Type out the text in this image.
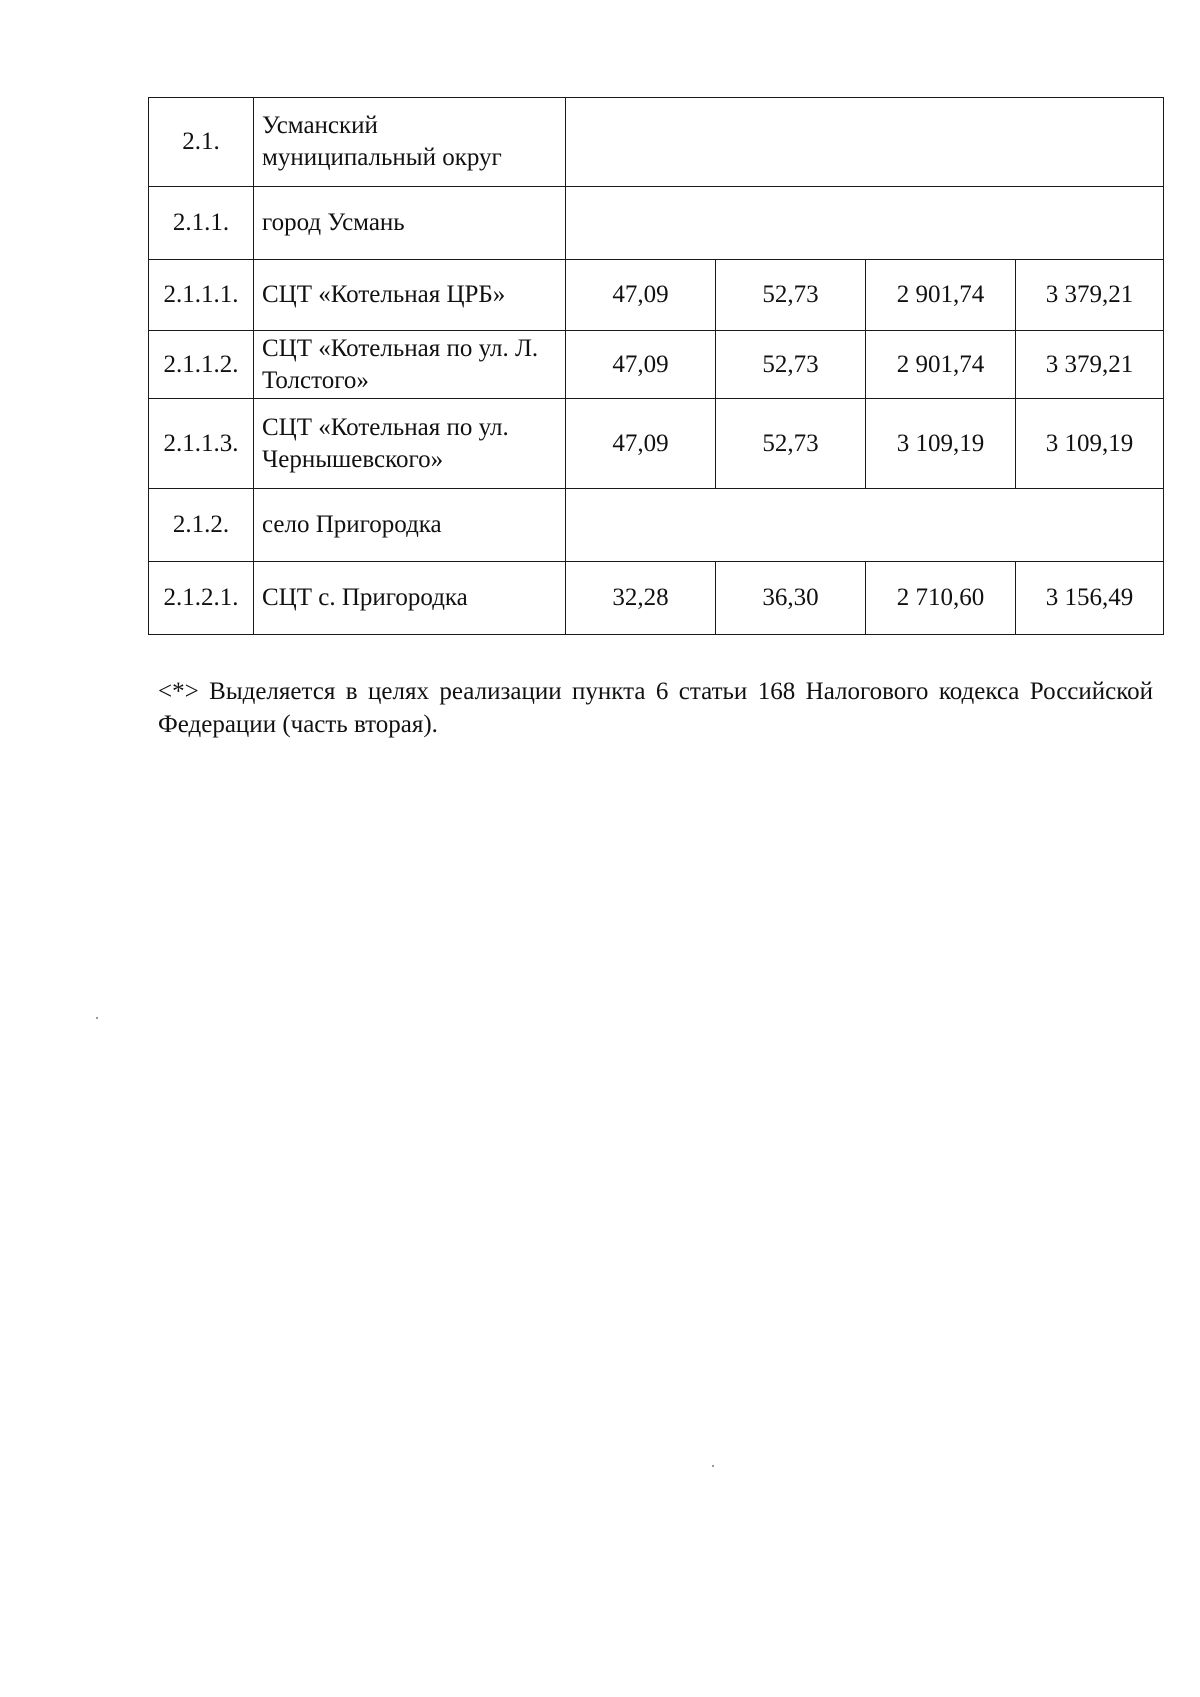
2.1.	Усманский муниципальный округ				
2.1.1.	город Усмань				
2.1.1.1.	СЦТ «Котельная ЦРБ»	47,09	52,73	2 901,74	3 379,21
2.1.1.2.	СЦТ «Котельная по ул. Л. Толстого»	47,09	52,73	2 901,74	3 379,21
2.1.1.3.	СЦТ «Котельная по ул. Чернышевского»	47,09	52,73	3 109,19	3 109,19
2.1.2.	село Пригородка				
2.1.2.1.	СЦТ с. Пригородка	32,28	36,30	2 710,60	3 156,49

<*> Выделяется в целях реализации пункта 6 статьи 168 Налогового кодекса Российской Федерации (часть вторая).
